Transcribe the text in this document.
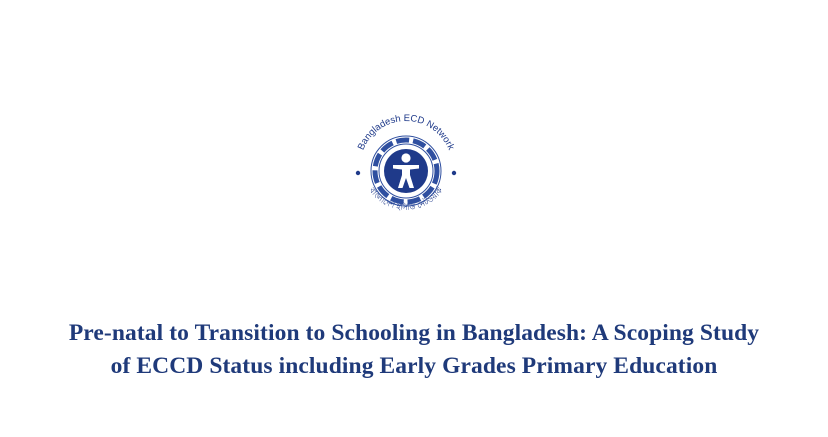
Bangladesh ECD Network
বাংলাদেশ ইসিডি নেটওয়ার্ক
Pre-natal to Transition to Schooling in Bangladesh: A Scoping Study
of ECCD Status including Early Grades Primary Education
